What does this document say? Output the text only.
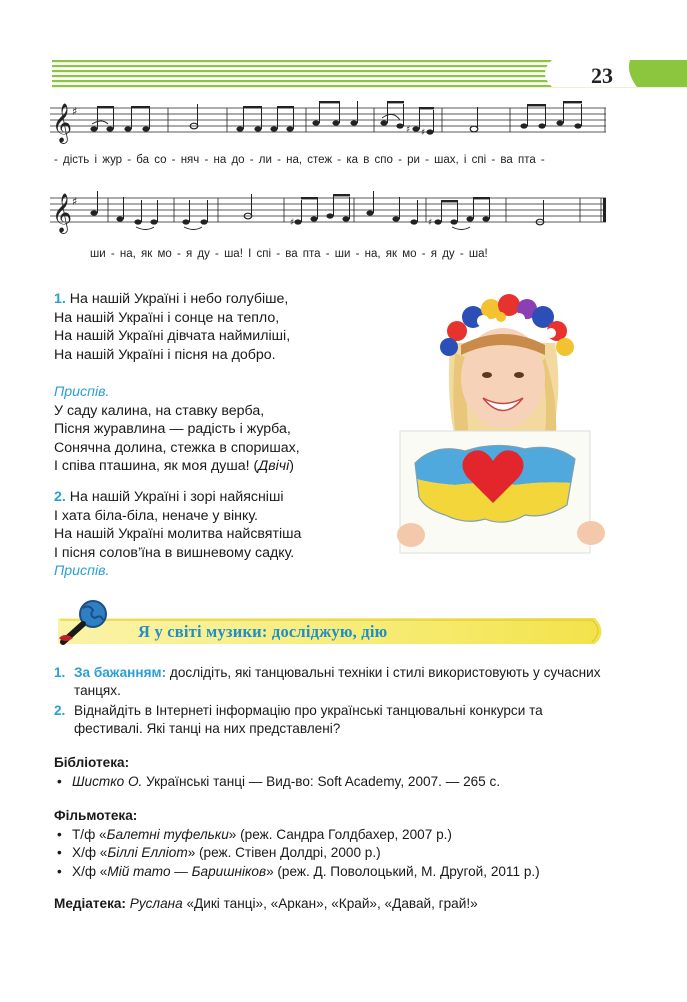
23
𝄞 ♯
♯ ♯
- дість і жур - ба со - няч - на до - ли - на, стеж - ка в спо - ри - шах, і спі - ва пта -
𝄞 ♯
♯	♯
ши - на, як мо - я ду - ша! І спі - ва пта - ши - на, як мо - я ду - ша!
1. На нашій Україні і небо голубіше,
На нашій Україні і сонце на тепло,
На нашій Україні дівчата наймиліші,
На нашій Україні і пісня на добро.
Приспів.
У саду калина, на ставку верба,
Пісня журавлина — радість і журба,
Сонячна долина, стежка в споришах,
І співа пташина, як моя душа! (Двічі)
2. На нашій Україні і зорі найясніші
І хата біла-біла, неначе у вінку.
На нашій Україні молитва найсвятіша
І пісня солов’їна в вишневому садку.
Приспів.
Я у світі музики: досліджую, дію
1. За бажанням: дослідіть, які танцювальні техніки і стилі використовують у сучасних танцях.
2. Віднайдіть в Інтернеті інформацію про українські танцювальні конкурси та фестивалі. Які танці на них представлені?
Бібліотека:
• Шистко О. Українські танці — Вид-во: Soft Academy, 2007. — 265 с.
Фільмотека:
• Т/ф «Балетні туфельки» (реж. Сандра Голдбахер, 2007 р.)
• Х/ф «Біллі Елліот» (реж. Стівен Долдрі, 2000 р.)
• Х/ф «Мій тато — Баришніков» (реж. Д. Поволоцький, М. Другой, 2011 р.)
Медіатека: Руслана «Дикі танці», «Аркан», «Край», «Давай, грай!»
